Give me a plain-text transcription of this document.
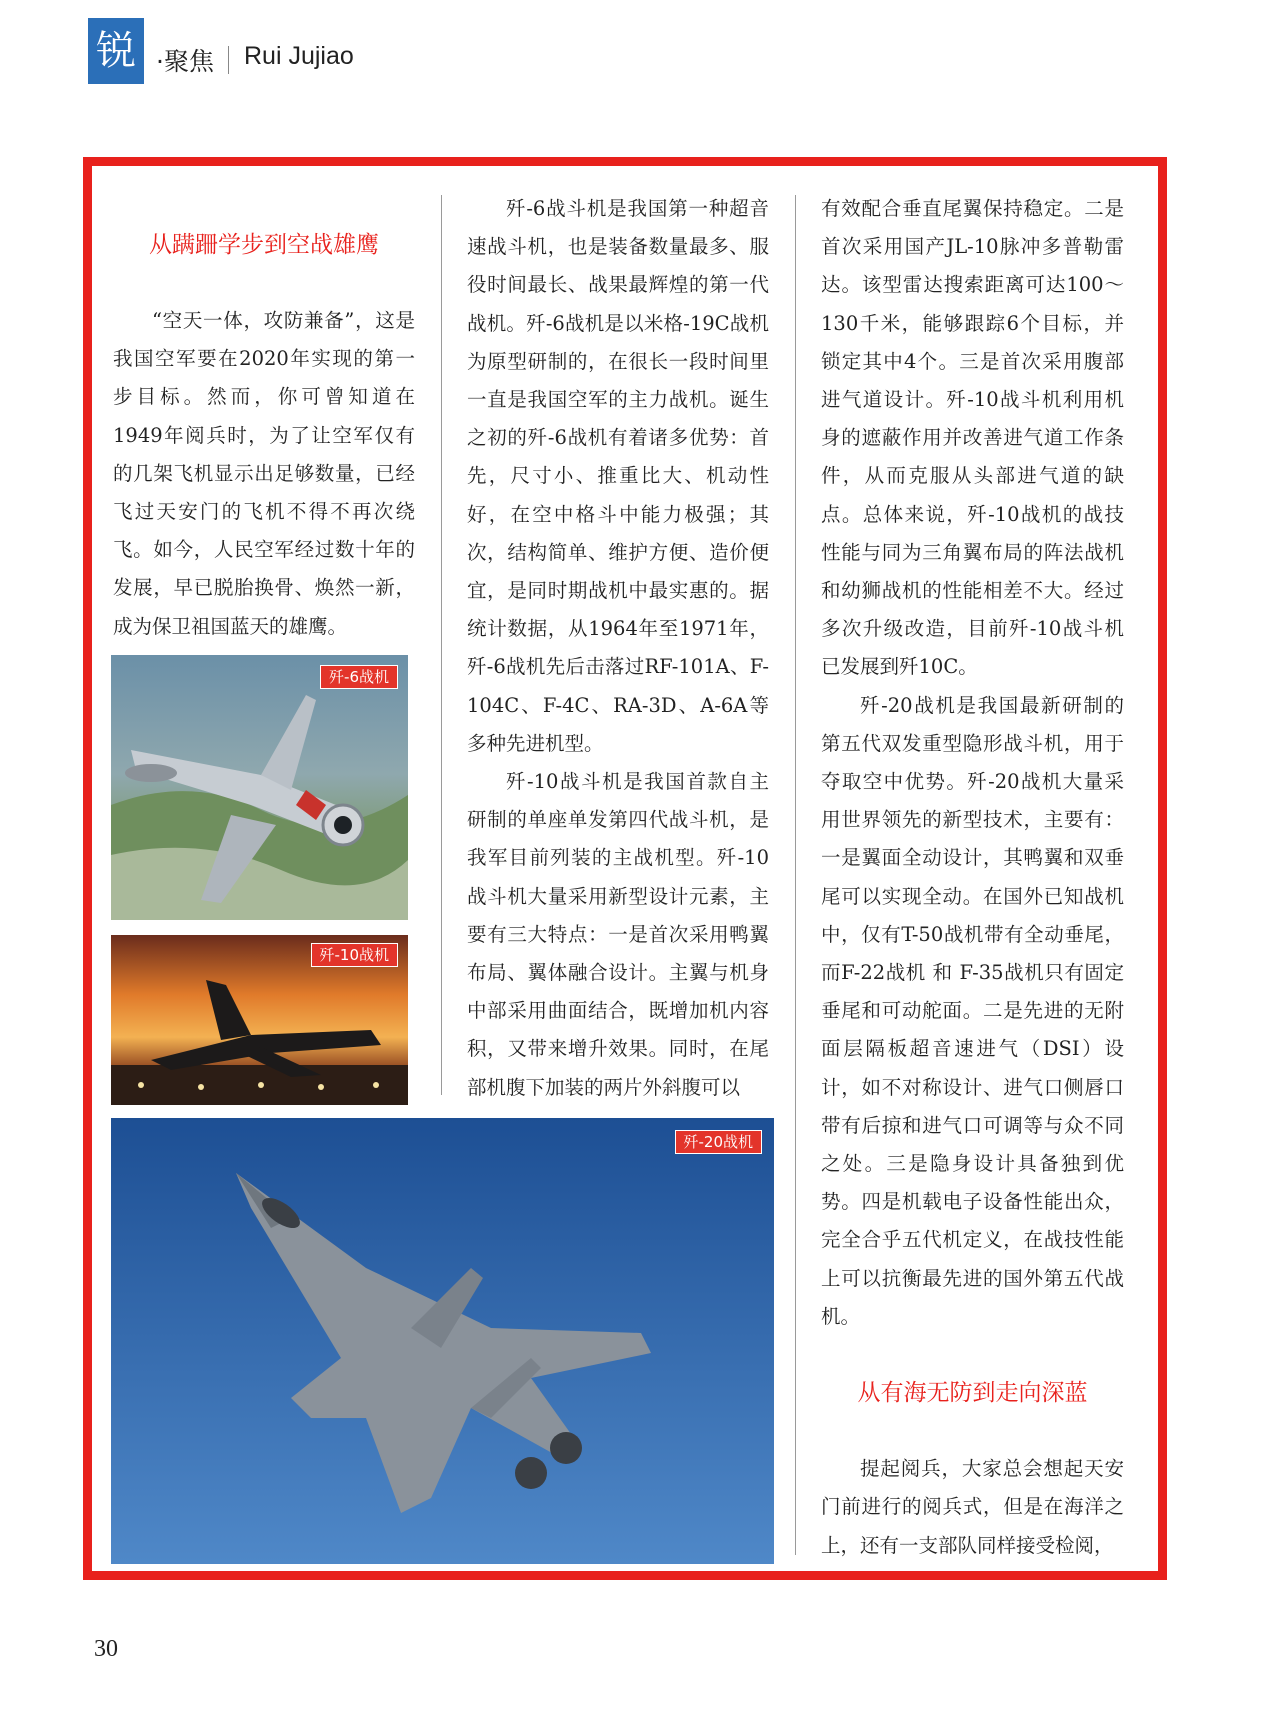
锐 ·聚焦 Rui Jujiao
从蹒跚学步到空战雄鹰

“空天一体，攻防兼备”，这是我国空军要在2020年实现的第一步目标。然而，你可曾知道在1949年阅兵时，为了让空军仅有的几架飞机显示出足够数量，已经飞过天安门的飞机不得不再次绕飞。如今，人民空军经过数十年的发展，早已脱胎换骨、焕然一新，成为保卫祖国蓝天的雄鹰。

歼-6战机
歼-10战机
歼-20战机

歼-6战斗机是我国第一种超音速战斗机，也是装备数量最多、服役时间最长、战果最辉煌的第一代战机。歼-6战机是以米格-19C战机为原型研制的，在很长一段时间里一直是我国空军的主力战机。诞生之初的歼-6战机有着诸多优势：首先，尺寸小、推重比大、机动性好，在空中格斗中能力极强；其次，结构简单、维护方便、造价便宜，是同时期战机中最实惠的。据统计数据，从1964年至1971年，歼-6战机先后击落过RF-101A、F-104C、F-4C、RA-3D、A-6A等多种先进机型。

歼-10战斗机是我国首款自主研制的单座单发第四代战斗机，是我军目前列装的主战机型。歼-10战斗机大量采用新型设计元素，主要有三大特点：一是首次采用鸭翼布局、翼体融合设计。主翼与机身中部采用曲面结合，既增加机内容积，又带来增升效果。同时，在尾部机腹下加装的两片外斜腹可以

有效配合垂直尾翼保持稳定。二是首次采用国产JL-10脉冲多普勒雷达。该型雷达搜索距离可达100～130千米，能够跟踪6个目标，并锁定其中4个。三是首次采用腹部进气道设计。歼-10战斗机利用机身的遮蔽作用并改善进气道工作条件，从而克服从头部进气道的缺点。总体来说，歼-10战机的战技性能与同为三角翼布局的阵法战机和幼狮战机的性能相差不大。经过多次升级改造，目前歼-10战斗机已发展到歼10C。

歼-20战机是我国最新研制的第五代双发重型隐形战斗机，用于夺取空中优势。歼-20战机大量采用世界领先的新型技术，主要有：一是翼面全动设计，其鸭翼和双垂尾可以实现全动。在国外已知战机中，仅有T-50战机带有全动垂尾，而F-22战机 和 F-35战机只有固定垂尾和可动舵面。二是先进的无附面层隔板超音速进气（DSI）设计，如不对称设计、进气口侧唇口带有后掠和进气口可调等与众不同之处。三是隐身设计具备独到优势。四是机载电子设备性能出众，完全合乎五代机定义，在战技性能上可以抗衡最先进的国外第五代战机。

从有海无防到走向深蓝

提起阅兵，大家总会想起天安门前进行的阅兵式，但是在海洋之上，还有一支部队同样接受检阅，

30
